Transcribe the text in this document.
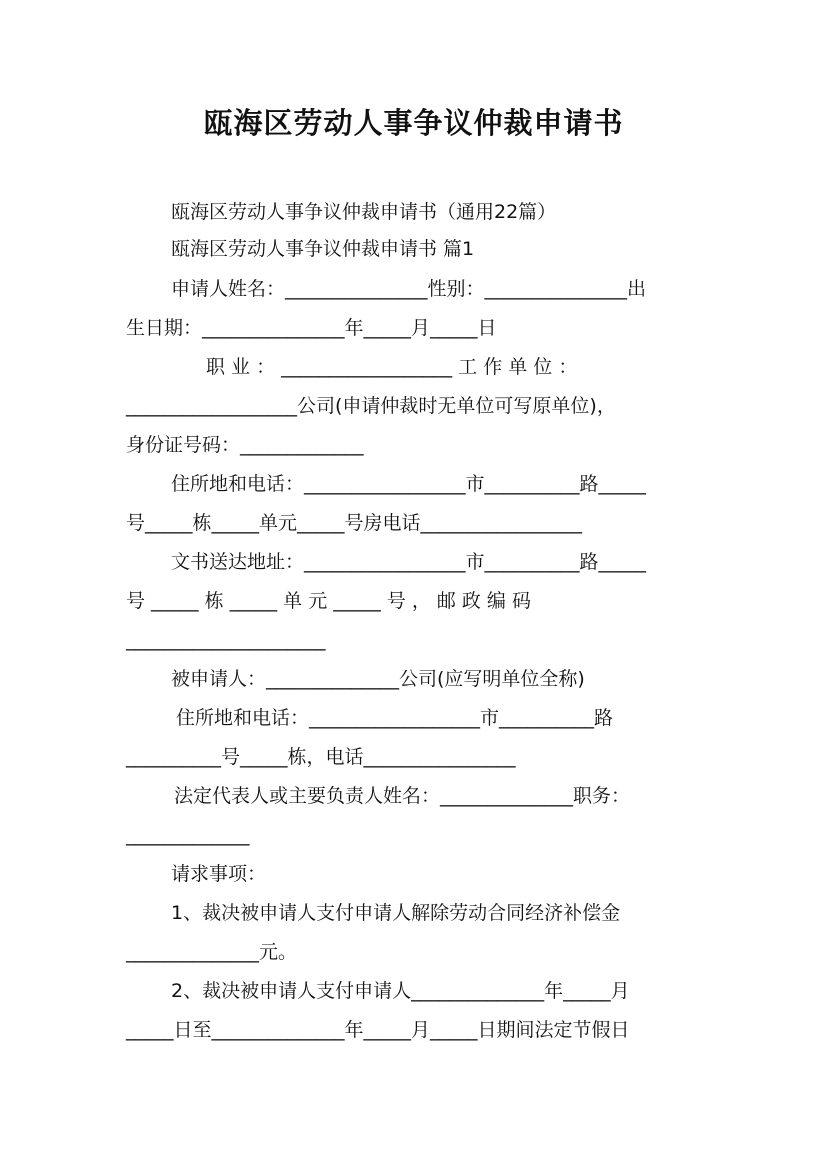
瓯海区劳动人事争议仲裁申请书
瓯海区劳动人事争议仲裁申请书（通用22篇）
瓯海区劳动人事争议仲裁申请书 篇1
申请人姓名：_______________性别：_______________出
生日期：_______________年_____月_____日
职 业 ： __________________ 工 作 单 位 ：
__________________公司(申请仲裁时无单位可写原单位)，
身份证号码：_____________
住所地和电话：_________________市__________路_____
号_____栋_____单元_____号房电话_________________
文书送达地址：_________________市__________路_____
号 _____ 栋 _____ 单 元 _____ 号 ， 邮 政 编 码
_____________________
被申请人：______________公司(应写明单位全称)
住所地和电话：__________________市__________路
__________号_____栋，电话________________
法定代表人或主要负责人姓名：______________职务：
_____________
请求事项：
1、裁决被申请人支付申请人解除劳动合同经济补偿金
______________元。
2、裁决被申请人支付申请人______________年_____月
_____日至______________年_____月_____日期间法定节假日
